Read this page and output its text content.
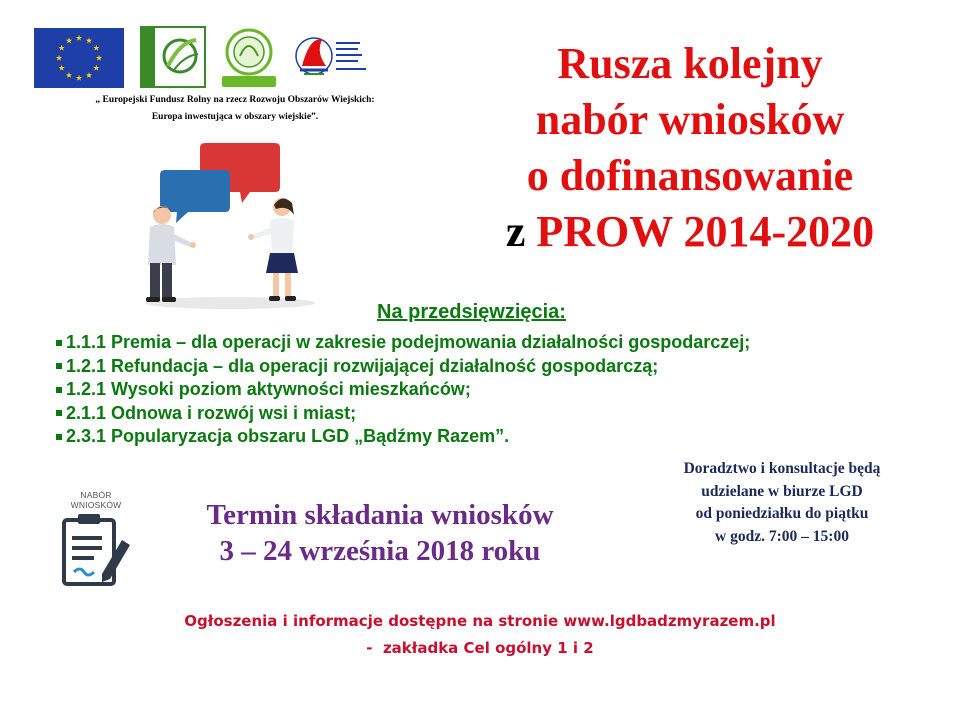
„ Europejski Fundusz Rolny na rzecz Rozwoju Obszarów Wiejskich:
Europa inwestująca w obszary wiejskie”.
Rusza kolejny
nabór wniosków
o dofinansowanie
z PROW 2014-2020
Na przedsięwzięcia:
1.1.1 Premia – dla operacji w zakresie podejmowania działalności gospodarczej;
1.2.1 Refundacja – dla operacji rozwijającej działalność gospodarczą;
1.2.1 Wysoki poziom aktywności mieszkańców;
2.1.1 Odnowa i rozwój wsi i miast;
2.3.1 Popularyzacja obszaru LGD „Bądźmy Razem”.
Doradztwo i konsultacje będą
udzielane w biurze LGD
od poniedziałku do piątku
w godz. 7:00 – 15:00
NABÓR
WNIOSKÓW	Termin składania wniosków
3 – 24 września 2018 roku
Ogłoszenia i informacje dostępne na stronie www.lgdbadzmyrazem.pl
-  zakładka Cel ogólny 1 i 2
